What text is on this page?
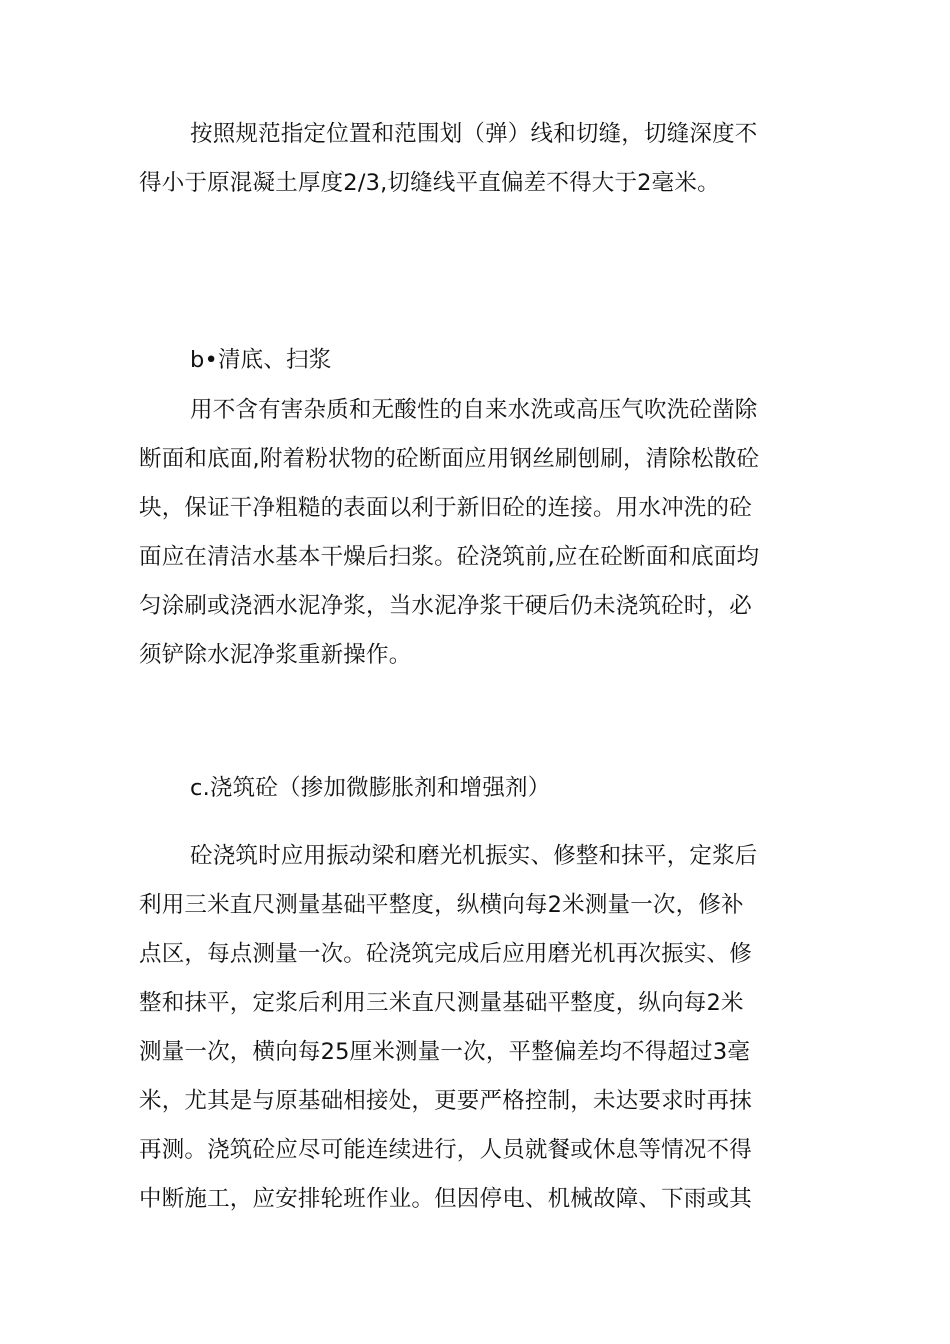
按照规范指定位置和范围划（弹）线和切缝，切缝深度不
得小于原混凝土厚度2/3,切缝线平直偏差不得大于2毫米。
b•清底、扫浆
用不含有害杂质和无酸性的自来水洗或高压气吹洗砼凿除
断面和底面,附着粉状物的砼断面应用钢丝刷刨刷，清除松散砼
块，保证干净粗糙的表面以利于新旧砼的连接。用水冲洗的砼
面应在清洁水基本干燥后扫浆。砼浇筑前,应在砼断面和底面均
匀涂刷或浇洒水泥净浆，当水泥净浆干硬后仍未浇筑砼时，必
须铲除水泥净浆重新操作。
c.浇筑砼（掺加微膨胀剂和增强剂）
砼浇筑时应用振动梁和磨光机振实、修整和抹平，定浆后
利用三米直尺测量基础平整度，纵横向每2米测量一次，修补
点区，每点测量一次。砼浇筑完成后应用磨光机再次振实、修
整和抹平，定浆后利用三米直尺测量基础平整度，纵向每2米
测量一次，横向每25厘米测量一次，平整偏差均不得超过3毫
米，尤其是与原基础相接处，更要严格控制，未达要求时再抹
再测。浇筑砼应尽可能连续进行，人员就餐或休息等情况不得
中断施工，应安排轮班作业。但因停电、机械故障、下雨或其
